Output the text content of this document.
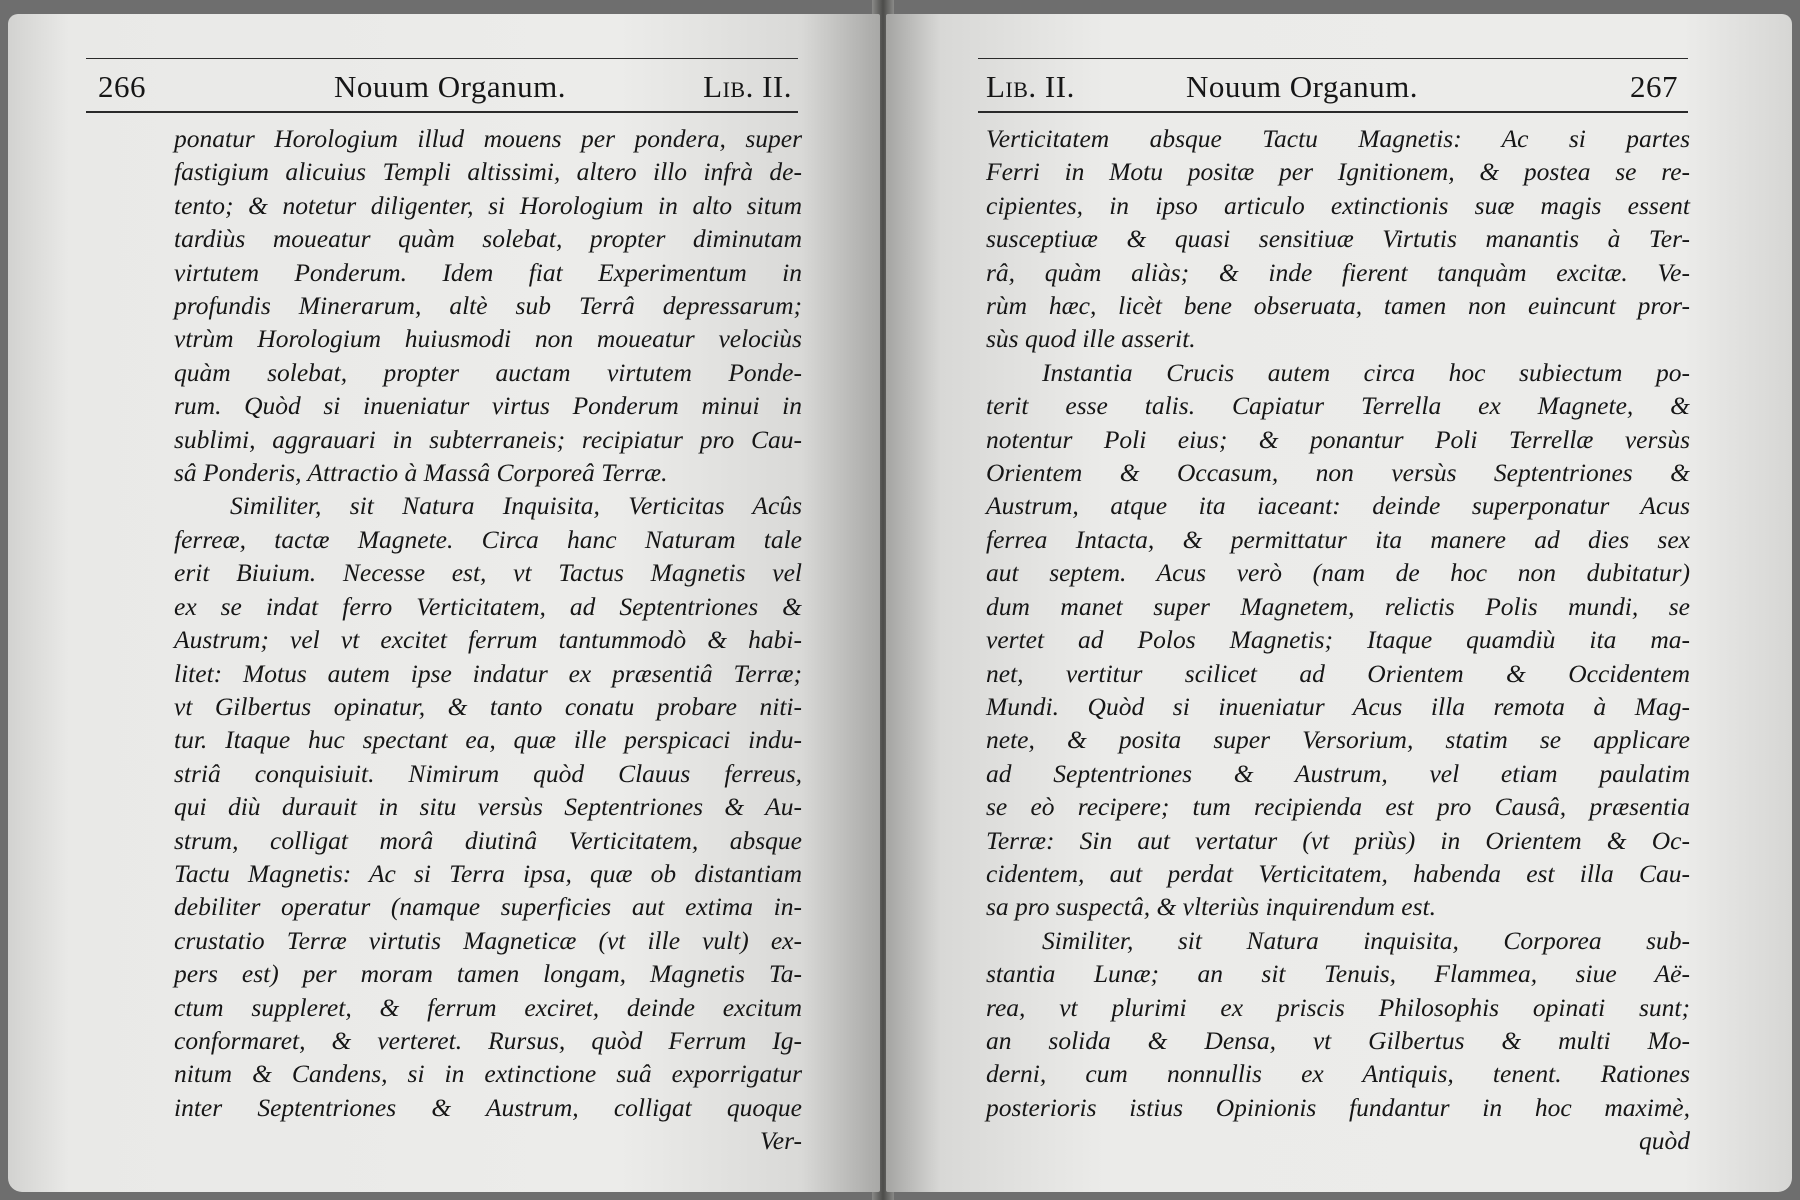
266	Nouum Organum.	Lib. II.
ponatur Horologium illud mouens per pondera, super
fastigium alicuius Templi altissimi, altero illo infrà de-
tento; & notetur diligenter, si Horologium in alto situm
tardiùs moueatur quàm solebat, propter diminutam
virtutem Ponderum. Idem fiat Experimentum in
profundis Minerarum, altè sub Terrâ depressarum;
vtrùm Horologium huiusmodi non moueatur velociùs
quàm solebat, propter auctam virtutem Ponde-
rum. Quòd si inueniatur virtus Ponderum minui in
sublimi, aggrauari in subterraneis; recipiatur pro Cau-
sâ Ponderis, Attractio à Massâ Corporeâ Terræ.
Similiter, sit Natura Inquisita, Verticitas Acûs
ferreæ, tactæ Magnete. Circa hanc Naturam tale
erit Biuium. Necesse est, vt Tactus Magnetis vel
ex se indat ferro Verticitatem, ad Septentriones &
Austrum; vel vt excitet ferrum tantummodò & habi-
litet: Motus autem ipse indatur ex præsentiâ Terræ;
vt Gilbertus opinatur, & tanto conatu probare niti-
tur. Itaque huc spectant ea, quæ ille perspicaci indu-
striâ conquisiuit. Nimirum quòd Clauus ferreus,
qui diù durauit in situ versùs Septentriones & Au-
strum, colligat morâ diutinâ Verticitatem, absque
Tactu Magnetis: Ac si Terra ipsa, quæ ob distantiam
debiliter operatur (namque superficies aut extima in-
crustatio Terræ virtutis Magneticæ (vt ille vult) ex-
pers est) per moram tamen longam, Magnetis Ta-
ctum suppleret, & ferrum exciret, deinde excitum
conformaret, & verteret. Rursus, quòd Ferrum Ig-
nitum & Candens, si in extinctione suâ exporrigatur
inter Septentriones & Austrum, colligat quoque
Ver-
Lib. II.	Nouum Organum.	267
Verticitatem absque Tactu Magnetis: Ac si partes
Ferri in Motu positæ per Ignitionem, & postea se re-
cipientes, in ipso articulo extinctionis suæ magis essent
susceptiuæ & quasi sensitiuæ Virtutis manantis à Ter-
râ, quàm aliàs; & inde fierent tanquàm excitæ. Ve-
rùm hæc, licèt bene obseruata, tamen non euincunt pror-
sùs quod ille asserit.
Instantia Crucis autem circa hoc subiectum po-
terit esse talis. Capiatur Terrella ex Magnete, &
notentur Poli eius; & ponantur Poli Terrellæ versùs
Orientem & Occasum, non versùs Septentriones &
Austrum, atque ita iaceant: deinde superponatur Acus
ferrea Intacta, & permittatur ita manere ad dies sex
aut septem. Acus verò (nam de hoc non dubitatur)
dum manet super Magnetem, relictis Polis mundi, se
vertet ad Polos Magnetis; Itaque quamdiù ita ma-
net, vertitur scilicet ad Orientem & Occidentem
Mundi. Quòd si inueniatur Acus illa remota à Mag-
nete, & posita super Versorium, statim se applicare
ad Septentriones & Austrum, vel etiam paulatim
se eò recipere; tum recipienda est pro Causâ, præsentia
Terræ: Sin aut vertatur (vt priùs) in Orientem & Oc-
cidentem, aut perdat Verticitatem, habenda est illa Cau-
sa pro suspectâ, & vlteriùs inquirendum est.
Similiter, sit Natura inquisita, Corporea sub-
stantia Lunæ; an sit Tenuis, Flammea, siue Aë-
rea, vt plurimi ex priscis Philosophis opinati sunt;
an solida & Densa, vt Gilbertus & multi Mo-
derni, cum nonnullis ex Antiquis, tenent. Rationes
posterioris istius Opinionis fundantur in hoc maximè,
quòd
